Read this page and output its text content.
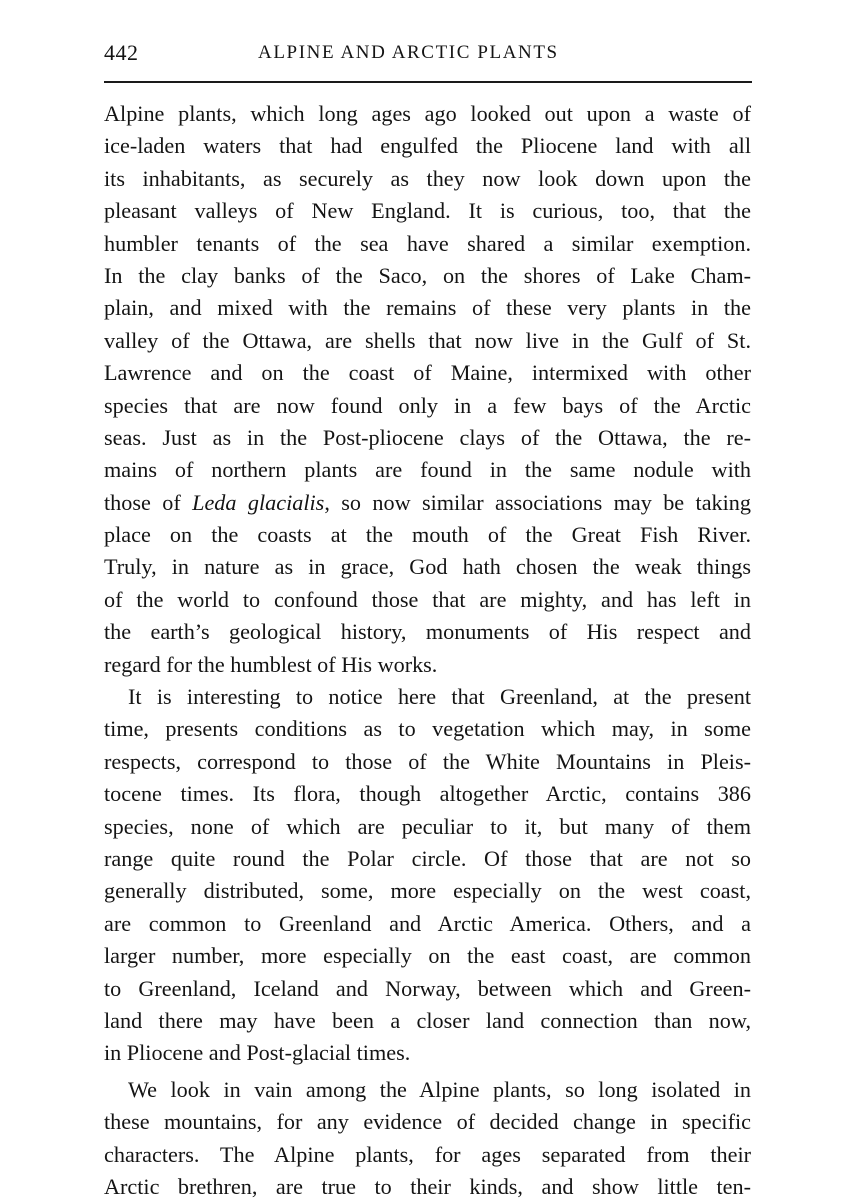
442	ALPINE AND ARCTIC PLANTS
Alpine plants, which long ages ago looked out upon a waste of
ice-laden waters that had engulfed the Pliocene land with all
its inhabitants, as securely as they now look down upon the
pleasant valleys of New England. It is curious, too, that the
humbler tenants of the sea have shared a similar exemption.
In the clay banks of the Saco, on the shores of Lake Cham-
plain, and mixed with the remains of these very plants in the
valley of the Ottawa, are shells that now live in the Gulf of St.
Lawrence and on the coast of Maine, intermixed with other
species that are now found only in a few bays of the Arctic
seas. Just as in the Post-pliocene clays of the Ottawa, the re-
mains of northern plants are found in the same nodule with
those of Leda glacialis, so now similar associations may be taking
place on the coasts at the mouth of the Great Fish River.
Truly, in nature as in grace, God hath chosen the weak things
of the world to confound those that are mighty, and has left in
the earth’s geological history, monuments of His respect and
regard for the humblest of His works.
It is interesting to notice here that Greenland, at the present
time, presents conditions as to vegetation which may, in some
respects, correspond to those of the White Mountains in Pleis-
tocene times. Its flora, though altogether Arctic, contains 386
species, none of which are peculiar to it, but many of them
range quite round the Polar circle. Of those that are not so
generally distributed, some, more especially on the west coast,
are common to Greenland and Arctic America. Others, and a
larger number, more especially on the east coast, are common
to Greenland, Iceland and Norway, between which and Green-
land there may have been a closer land connection than now,
in Pliocene and Post-glacial times.
We look in vain among the Alpine plants, so long isolated in
these mountains, for any evidence of decided change in specific
characters. The Alpine plants, for ages separated from their
Arctic brethren, are true to their kinds, and show little ten-
